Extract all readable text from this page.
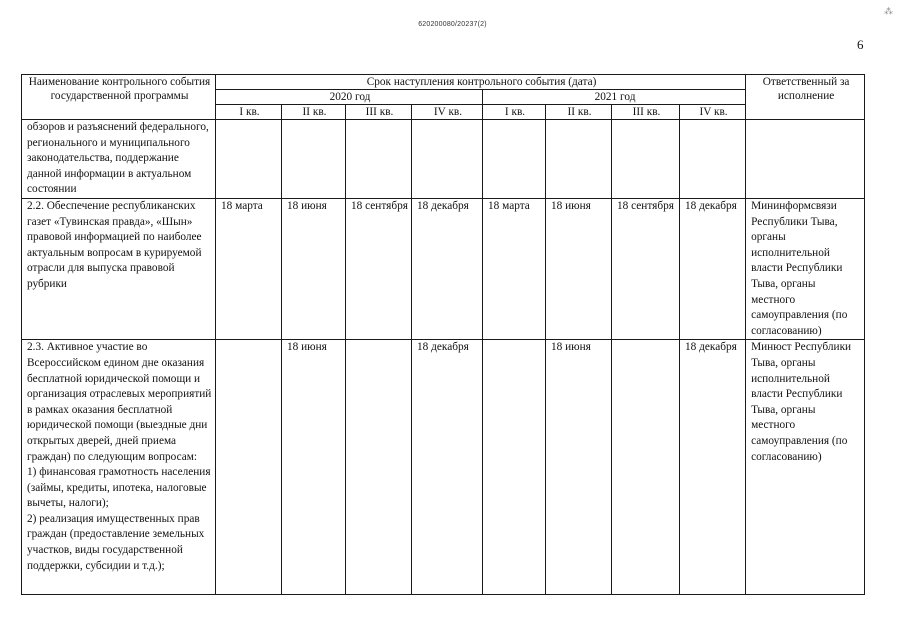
620200080/20237(2)
⁂
6
Наименование контрольного события государственной программы	Срок наступления контрольного события (дата)								Ответственный за исполнение
	2020 год				2021 год				
	I кв.	II кв.	III кв.	IV кв.	I кв.	II кв.	III кв.	IV кв.	
обзоров и разъяснений федерального, регионального и муниципального законодательства, поддержание данной информации в актуальном состоянии									
2.2. Обеспечение республиканских газет «Тувинская правда», «Шын» правовой информацией по наиболее актуальным вопросам в курируемой отрасли для выпуска правовой рубрики	18 марта	18 июня	18 сентября	18 декабря	18 марта	18 июня	18 сентября	18 декабря	Мининформсвязи Республики Тыва, органы исполнительной власти Республики Тыва, органы местного самоуправления (по согласованию)
2.3. Активное участие во Всероссийском едином дне оказания бесплатной юридической помощи и организация отраслевых мероприятий в рамках оказания бесплатной юридической помощи (выездные дни открытых дверей, дней приема граждан) по следующим вопросам:
1) финансовая грамотность населения (займы, кредиты, ипотека, налоговые вычеты, налоги);
2) реализация имущественных прав граждан (предоставление земельных участков, виды государственной поддержки, субсидии и т.д.);		18 июня		18 декабря		18 июня		18 декабря	Минюст Республики Тыва, органы исполнительной власти Республики Тыва, органы местного самоуправления (по согласованию)
